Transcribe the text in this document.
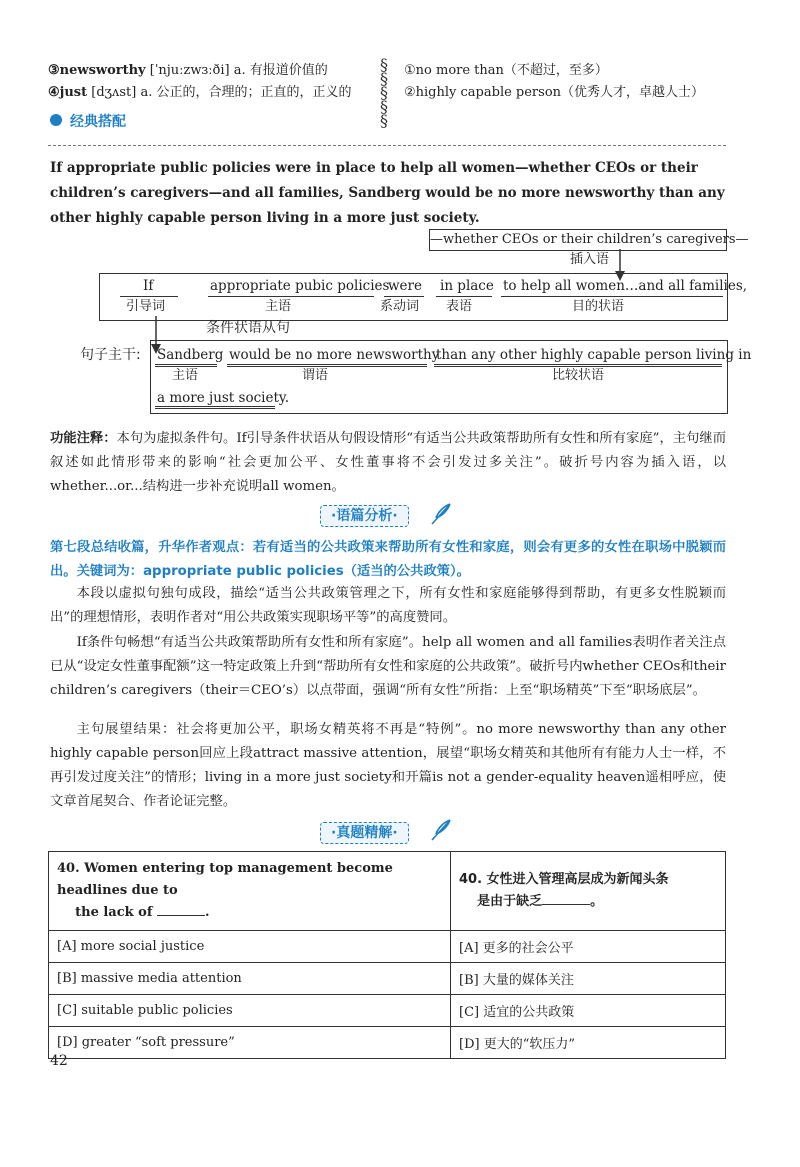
③newsworthy [ˈnjuːzwɜːði] a. 有报道价值的
④just [dʒʌst] a. 公正的，合理的；正直的，正义的
§
§
§
§
§
①no more than（不超过，至多）
②highly capable person（优秀人才，卓越人士）
经典搭配
If appropriate public policies were in place to help all women—whether CEOs or their children’s caregivers—and all families, Sandberg would be no more newsworthy than any other highly capable person living in a more just society.
—whether CEOs or their children’s caregivers—
插入语
If	appropriate pubic policies
were in place to help all women…and all families,
引导词	主语	系动词 表语	目的状语
条件状语从句
句子主干: Sandberg would be no more newsworthy
than any other highly capable person living in
主语	谓语	比较状语
a more just society.
功能注释：本句为虚拟条件句。If引导条件状语从句假设情形“有适当公共政策帮助所有女性和所有家庭”，主句继而叙述如此情形带来的影响“社会更加公平、女性董事将不会引发过多关注”。破折号内容为插入语，以whether...or...结构进一步补充说明all women。
·语篇分析·
第七段总结收篇，升华作者观点：若有适当的公共政策来帮助所有女性和家庭，则会有更多的女性在职场中脱颖而出。关键词为：appropriate public policies（适当的公共政策）。
本段以虚拟句独句成段，描绘“适当公共政策管理之下，所有女性和家庭能够得到帮助，有更多女性脱颖而出”的理想情形，表明作者对“用公共政策实现职场平等”的高度赞同。
If条件句畅想“有适当公共政策帮助所有女性和所有家庭”。help all women and all families表明作者关注点已从“设定女性董事配额”这一特定政策上升到“帮助所有女性和家庭的公共政策”。破折号内whether CEOs和their children’s caregivers（their＝CEO’s）以点带面，强调“所有女性”所指：上至“职场精英”下至“职场底层”。
主句展望结果：社会将更加公平，职场女精英将不再是“特例”。no more newsworthy than any other highly capable person回应上段attract massive attention，展望“职场女精英和其他所有有能力人士一样，不再引发过度关注”的情形；living in a more just society和开篇is not a gender-equality heaven遥相呼应，使文章首尾契合、作者论证完整。
·真题精解·
40. Women entering top management become headlines due to
the lack of .	40. 女性进入管理高层成为新闻头条
是由于缺乏 。
[A] more social justice	[A] 更多的社会公平
[B] massive media attention	[B] 大量的媒体关注
[C] suitable public policies	[C] 适宜的公共政策
[D] greater “soft pressure”	[D] 更大的“软压力”
42
